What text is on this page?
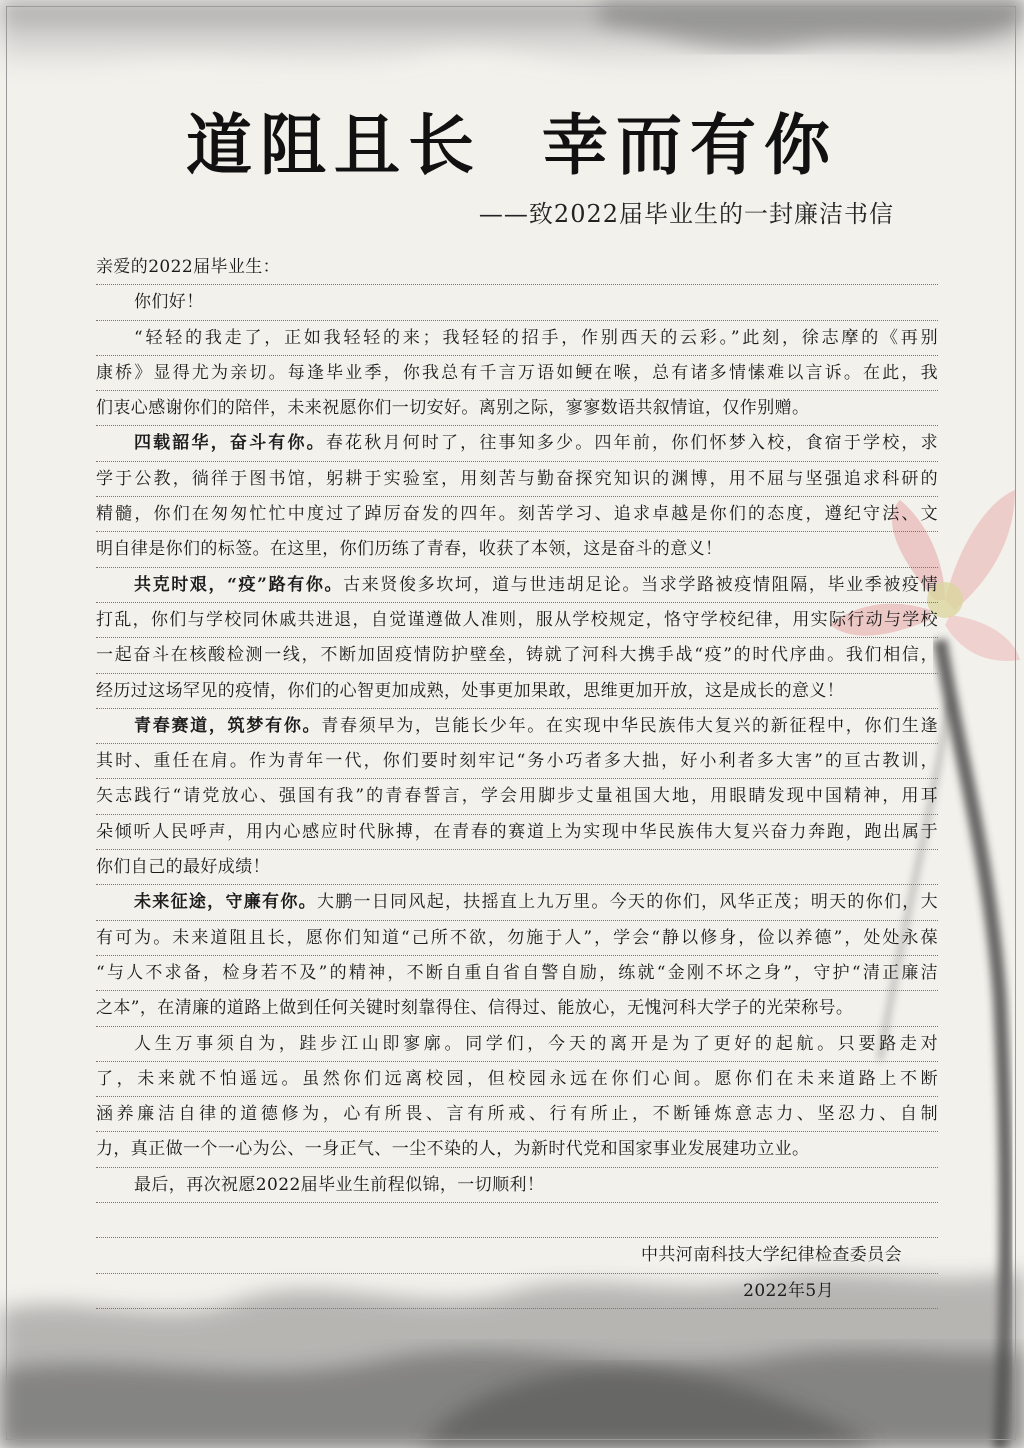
道阻且长 幸而有你
——致2022届毕业生的一封廉洁书信
亲爱的2022届毕业生：
你们好！
“轻轻的我走了，正如我轻轻的来；我轻轻的招手，作别西天的云彩。”此刻，徐志摩的《再别
康桥》显得尤为亲切。每逢毕业季，你我总有千言万语如鲠在喉，总有诸多情愫难以言诉。在此，我
们衷心感谢你们的陪伴，未来祝愿你们一切安好。离别之际，寥寥数语共叙情谊，仅作别赠。
四载韶华，奋斗有你。春花秋月何时了，往事知多少。四年前，你们怀梦入校，食宿于学校，求
学于公教，徜徉于图书馆，躬耕于实验室，用刻苦与勤奋探究知识的渊博，用不屈与坚强追求科研的
精髓，你们在匆匆忙忙中度过了踔厉奋发的四年。刻苦学习、追求卓越是你们的态度，遵纪守法、文
明自律是你们的标签。在这里，你们历练了青春，收获了本领，这是奋斗的意义！
共克时艰，“疫”路有你。古来贤俊多坎坷，道与世违胡足论。当求学路被疫情阻隔，毕业季被疫情
打乱，你们与学校同休戚共进退，自觉谨遵做人准则，服从学校规定，恪守学校纪律，用实际行动与学校
一起奋斗在核酸检测一线，不断加固疫情防护壁垒，铸就了河科大携手战“疫”的时代序曲。我们相信，
经历过这场罕见的疫情，你们的心智更加成熟，处事更加果敢，思维更加开放，这是成长的意义！
青春赛道，筑梦有你。青春须早为，岂能长少年。在实现中华民族伟大复兴的新征程中，你们生逢
其时、重任在肩。作为青年一代，你们要时刻牢记“务小巧者多大拙，好小利者多大害”的亘古教训，
矢志践行“请党放心、强国有我”的青春誓言，学会用脚步丈量祖国大地，用眼睛发现中国精神，用耳
朵倾听人民呼声，用内心感应时代脉搏，在青春的赛道上为实现中华民族伟大复兴奋力奔跑，跑出属于
你们自己的最好成绩！
未来征途，守廉有你。大鹏一日同风起，扶摇直上九万里。今天的你们，风华正茂；明天的你们，大
有可为。未来道阻且长，愿你们知道“己所不欲，勿施于人”，学会“静以修身，俭以养德”，处处永葆
“与人不求备，检身若不及”的精神，不断自重自省自警自励，练就“金刚不坏之身”，守护“清正廉洁
之本”，在清廉的道路上做到任何关键时刻靠得住、信得过、能放心，无愧河科大学子的光荣称号。
人生万事须自为，跬步江山即寥廓。同学们，今天的离开是为了更好的起航。只要路走对
了，未来就不怕遥远。虽然你们远离校园，但校园永远在你们心间。愿你们在未来道路上不断
涵养廉洁自律的道德修为，心有所畏、言有所戒、行有所止，不断锤炼意志力、坚忍力、自制
力，真正做一个一心为公、一身正气、一尘不染的人，为新时代党和国家事业发展建功立业。
最后，再次祝愿2022届毕业生前程似锦，一切顺利！
中共河南科技大学纪律检查委员会
2022年5月
